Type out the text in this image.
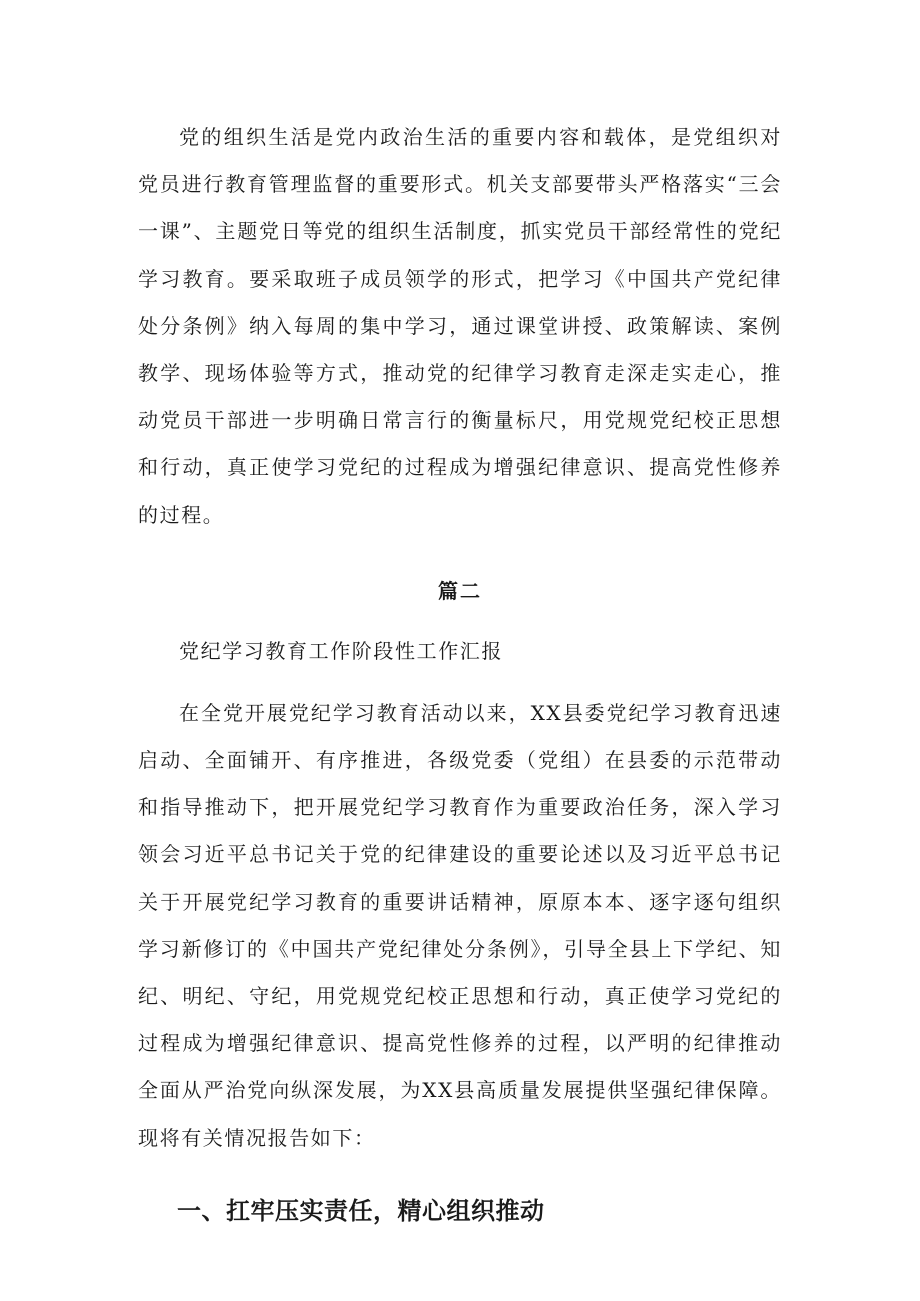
党的组织生活是党内政治生活的重要内容和载体，是党组织对党员进行教育管理监督的重要形式。机关支部要带头严格落实“三会一课”、主题党日等党的组织生活制度，抓实党员干部经常性的党纪学习教育。要采取班子成员领学的形式，把学习《中国共产党纪律处分条例》纳入每周的集中学习，通过课堂讲授、政策解读、案例教学、现场体验等方式，推动党的纪律学习教育走深走实走心，推动党员干部进一步明确日常言行的衡量标尺，用党规党纪校正思想和行动，真正使学习党纪的过程成为增强纪律意识、提高党性修养的过程。

篇二
党纪学习教育工作阶段性工作汇报

在全党开展党纪学习教育活动以来，XX县委党纪学习教育迅速启动、全面铺开、有序推进，各级党委（党组）在县委的示范带动和指导推动下，把开展党纪学习教育作为重要政治任务，深入学习领会习近平总书记关于党的纪律建设的重要论述以及习近平总书记关于开展党纪学习教育的重要讲话精神，原原本本、逐字逐句组织学习新修订的《中国共产党纪律处分条例》，引导全县上下学纪、知纪、明纪、守纪，用党规党纪校正思想和行动，真正使学习党纪的过程成为增强纪律意识、提高党性修养的过程，以严明的纪律推动全面从严治党向纵深发展，为XX县高质量发展提供坚强纪律保障。现将有关情况报告如下：

一、扛牢压实责任，精心组织推动
